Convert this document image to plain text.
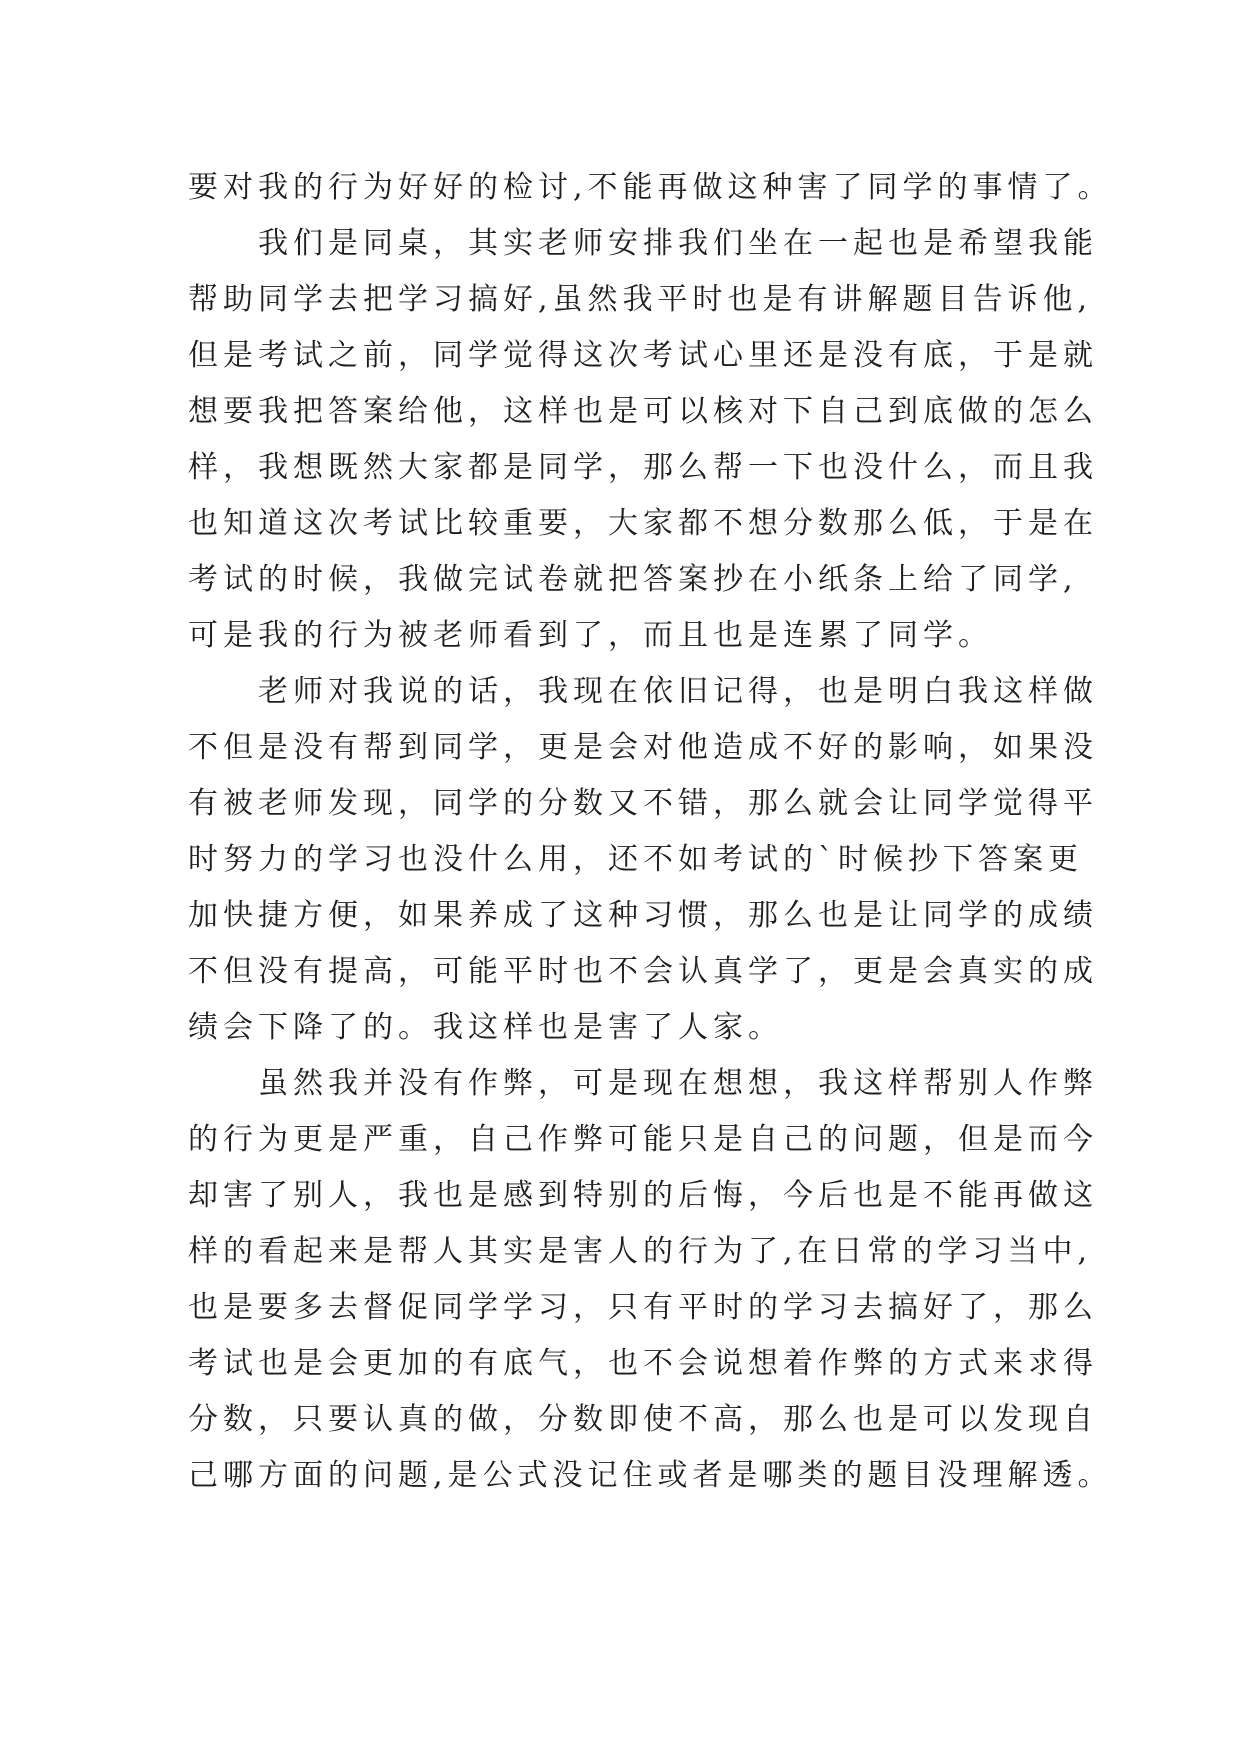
要对我的行为好好的检讨,不能再做这种害了同学的事情了。
我们是同桌，其实老师安排我们坐在一起也是希望我能
帮助同学去把学习搞好,虽然我平时也是有讲解题目告诉他,
但是考试之前，同学觉得这次考试心里还是没有底，于是就
想要我把答案给他，这样也是可以核对下自己到底做的怎么
样，我想既然大家都是同学，那么帮一下也没什么，而且我
也知道这次考试比较重要，大家都不想分数那么低，于是在
考试的时候，我做完试卷就把答案抄在小纸条上给了同学,
可是我的行为被老师看到了，而且也是连累了同学。
老师对我说的话，我现在依旧记得，也是明白我这样做
不但是没有帮到同学，更是会对他造成不好的影响，如果没
有被老师发现，同学的分数又不错，那么就会让同学觉得平
时努力的学习也没什么用，还不如考试的`时候抄下答案更
加快捷方便，如果养成了这种习惯，那么也是让同学的成绩
不但没有提高，可能平时也不会认真学了，更是会真实的成
绩会下降了的。我这样也是害了人家。
虽然我并没有作弊，可是现在想想，我这样帮别人作弊
的行为更是严重，自己作弊可能只是自己的问题，但是而今
却害了别人，我也是感到特别的后悔，今后也是不能再做这
样的看起来是帮人其实是害人的行为了,在日常的学习当中,
也是要多去督促同学学习，只有平时的学习去搞好了，那么
考试也是会更加的有底气，也不会说想着作弊的方式来求得
分数，只要认真的做，分数即使不高，那么也是可以发现自
己哪方面的问题,是公式没记住或者是哪类的题目没理解透。
